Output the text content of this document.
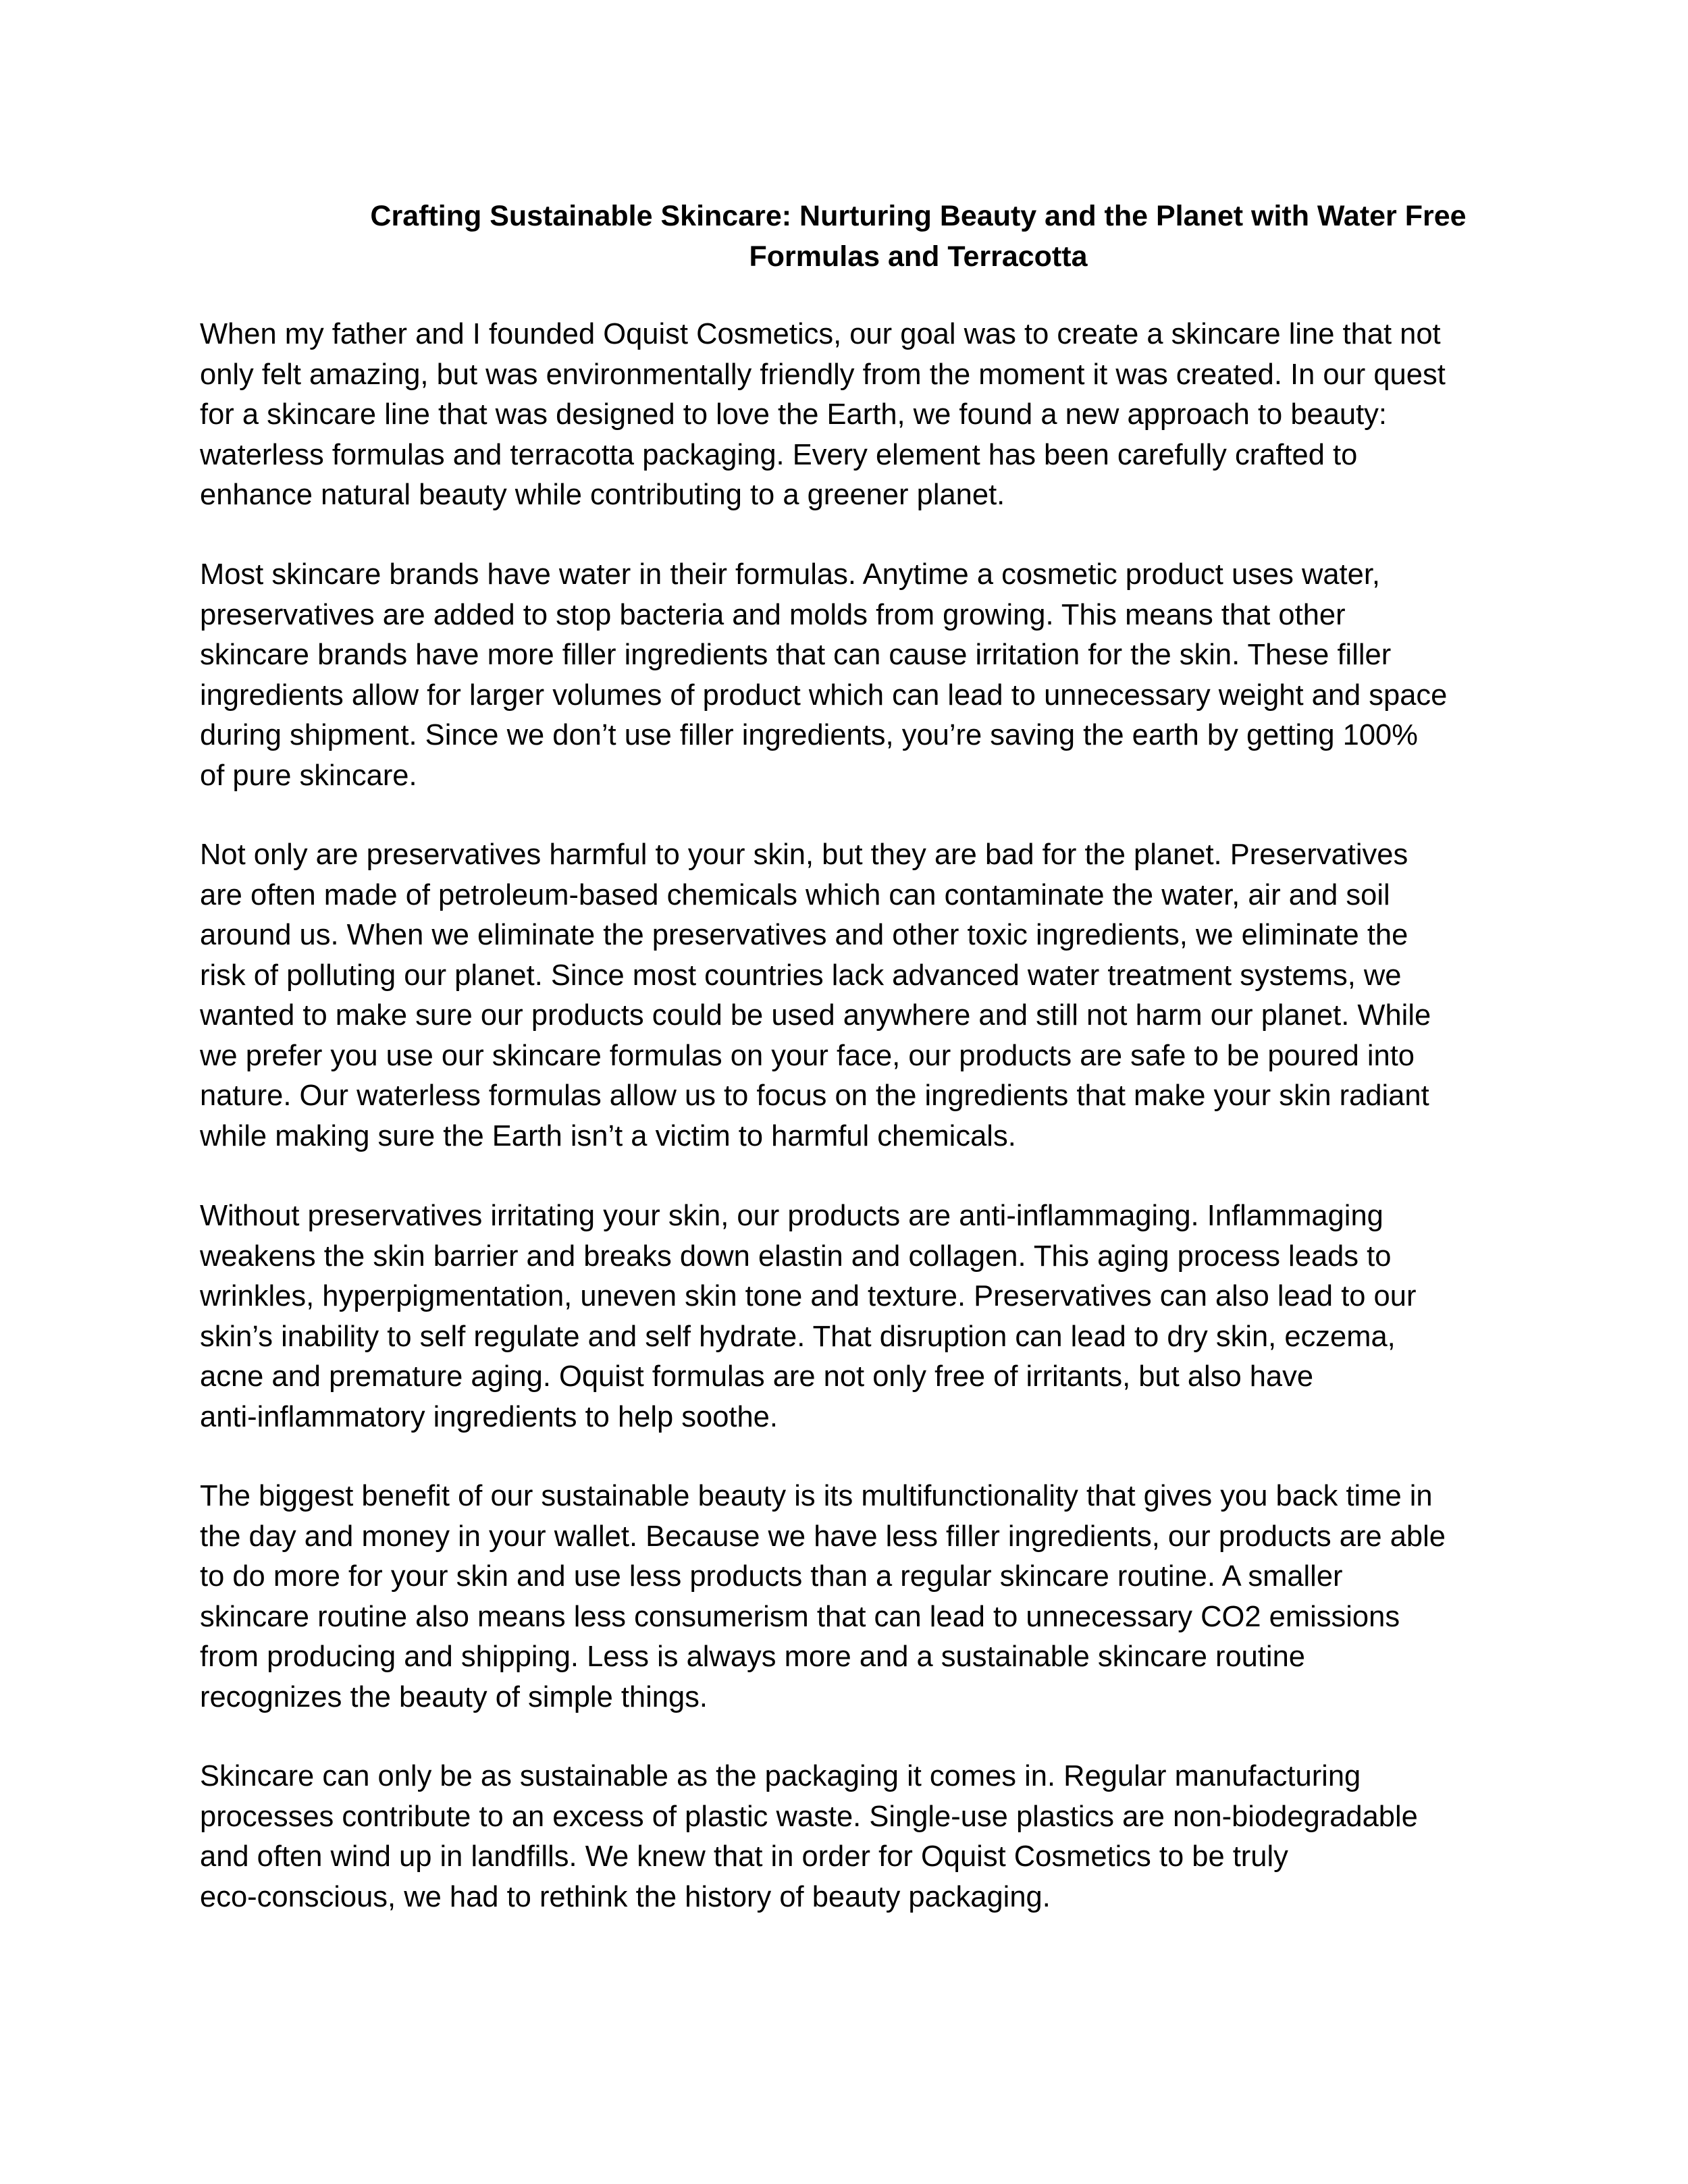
Crafting Sustainable Skincare: Nurturing Beauty and the Planet with Water Free
Formulas and Terracotta

When my father and I founded Oquist Cosmetics, our goal was to create a skincare line that not
only felt amazing, but was environmentally friendly from the moment it was created. In our quest
for a skincare line that was designed to love the Earth, we found a new approach to beauty:
waterless formulas and terracotta packaging. Every element has been carefully crafted to
enhance natural beauty while contributing to a greener planet.

Most skincare brands have water in their formulas. Anytime a cosmetic product uses water,
preservatives are added to stop bacteria and molds from growing. This means that other
skincare brands have more filler ingredients that can cause irritation for the skin. These filler
ingredients allow for larger volumes of product which can lead to unnecessary weight and space
during shipment. Since we don’t use filler ingredients, you’re saving the earth by getting 100%
of pure skincare.

Not only are preservatives harmful to your skin, but they are bad for the planet. Preservatives
are often made of petroleum-based chemicals which can contaminate the water, air and soil
around us. When we eliminate the preservatives and other toxic ingredients, we eliminate the
risk of polluting our planet. Since most countries lack advanced water treatment systems, we
wanted to make sure our products could be used anywhere and still not harm our planet. While
we prefer you use our skincare formulas on your face, our products are safe to be poured into
nature. Our waterless formulas allow us to focus on the ingredients that make your skin radiant
while making sure the Earth isn’t a victim to harmful chemicals.

Without preservatives irritating your skin, our products are anti-inflammaging. Inflammaging
weakens the skin barrier and breaks down elastin and collagen. This aging process leads to
wrinkles, hyperpigmentation, uneven skin tone and texture. Preservatives can also lead to our
skin’s inability to self regulate and self hydrate. That disruption can lead to dry skin, eczema,
acne and premature aging. Oquist formulas are not only free of irritants, but also have
anti-inflammatory ingredients to help soothe.

The biggest benefit of our sustainable beauty is its multifunctionality that gives you back time in
the day and money in your wallet. Because we have less filler ingredients, our products are able
to do more for your skin and use less products than a regular skincare routine. A smaller
skincare routine also means less consumerism that can lead to unnecessary CO2 emissions
from producing and shipping. Less is always more and a sustainable skincare routine
recognizes the beauty of simple things.

Skincare can only be as sustainable as the packaging it comes in. Regular manufacturing
processes contribute to an excess of plastic waste. Single-use plastics are non-biodegradable
and often wind up in landfills. We knew that in order for Oquist Cosmetics to be truly
eco-conscious, we had to rethink the history of beauty packaging.
